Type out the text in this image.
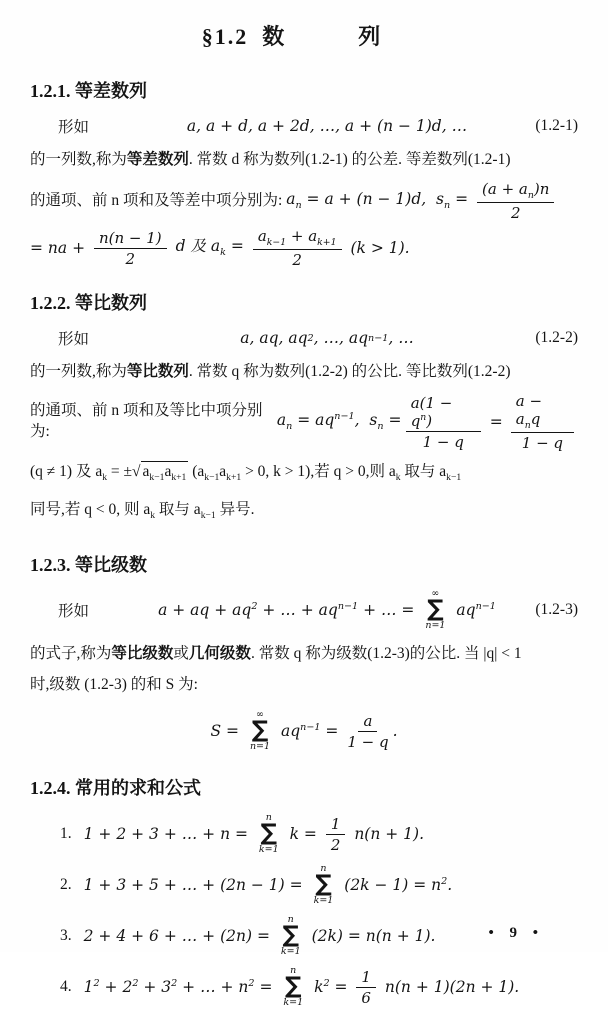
§1.2 数　列
1.2.1. 等差数列
形如	a, a + d, a + 2d, …, a + (n − 1)d, …	(1.2-1)
的一列数,称为等差数列. 常数 d 称为数列(1.2-1) 的公差. 等差数列(1.2-1)
的通项、前 n 项和及等差中项分别为: $a_n = a + (n - 1)d$,  $s_n = \frac{(a + a_n)n}{2}$
= na + $\frac{n(n - 1)}{2}$ d 及 $a_k = \frac{a_{k-1} + a_{k+1}}{2} (k > 1)$.
1.2.2. 等比数列
形如	a, aq, aq 2 , …, aq n−1 , …	(1.2-2)
的一列数,称为等比数列. 常数 q 称为数列(1.2-2) 的公比. 等比数列(1.2-2)
的通项、前 n 项和及等比中项分别为:
$a_n = aq^{n-1}$,  $s_n = \frac{a(1 - q^n)}{1 - q} = \frac{a - a_nq}{1 - q}$
(q ≠ 1) 及 $a_k$ = ±√ $a_{k-1}a_{k+1}$ ($a_{k-1}a_{k+1} > 0$, k > 1),若 q > 0,则 $a_k$ 取与 $a_{k-1}$
同号,若 q < 0, 则 $a_k$ 取与 $a_{k-1}$ 异号.
1.2.3. 等比级数
形如	a + aq + $aq^2$ + … + $aq^{n-1}$ + … =
∞
∑
n=1
$aq^{n-1}$	(1.2-3)
的式子,称为等比级数或几何级数. 常数 q 称为级数(1.2-3)的公比. 当 |q| < 1
时,级数 (1.2-3) 的和 S 为:
S =
∞
∑
n=1
$aq^{n-1} = \frac{a}{1 - q}$ .
1.2.4. 常用的求和公式
1. 1 + 2 + 3 + … + n =
n
∑
k=1
$k = \frac{1}{2} n(n + 1)$.
2. 1 + 3 + 5 + … + (2n − 1) =
n
∑
k=1
$(2k - 1) = n^2$.
3. 2 + 4 + 6 + … + (2n) =
n
∑
k=1
(2k) = n(n + 1).
4. $1^2 + 2^2 + 3^2$ + … + $n^2$ =
n
∑
k=1
$k^2 = \frac{1}{6} n(n + 1)(2n + 1)$.
• 9 •
